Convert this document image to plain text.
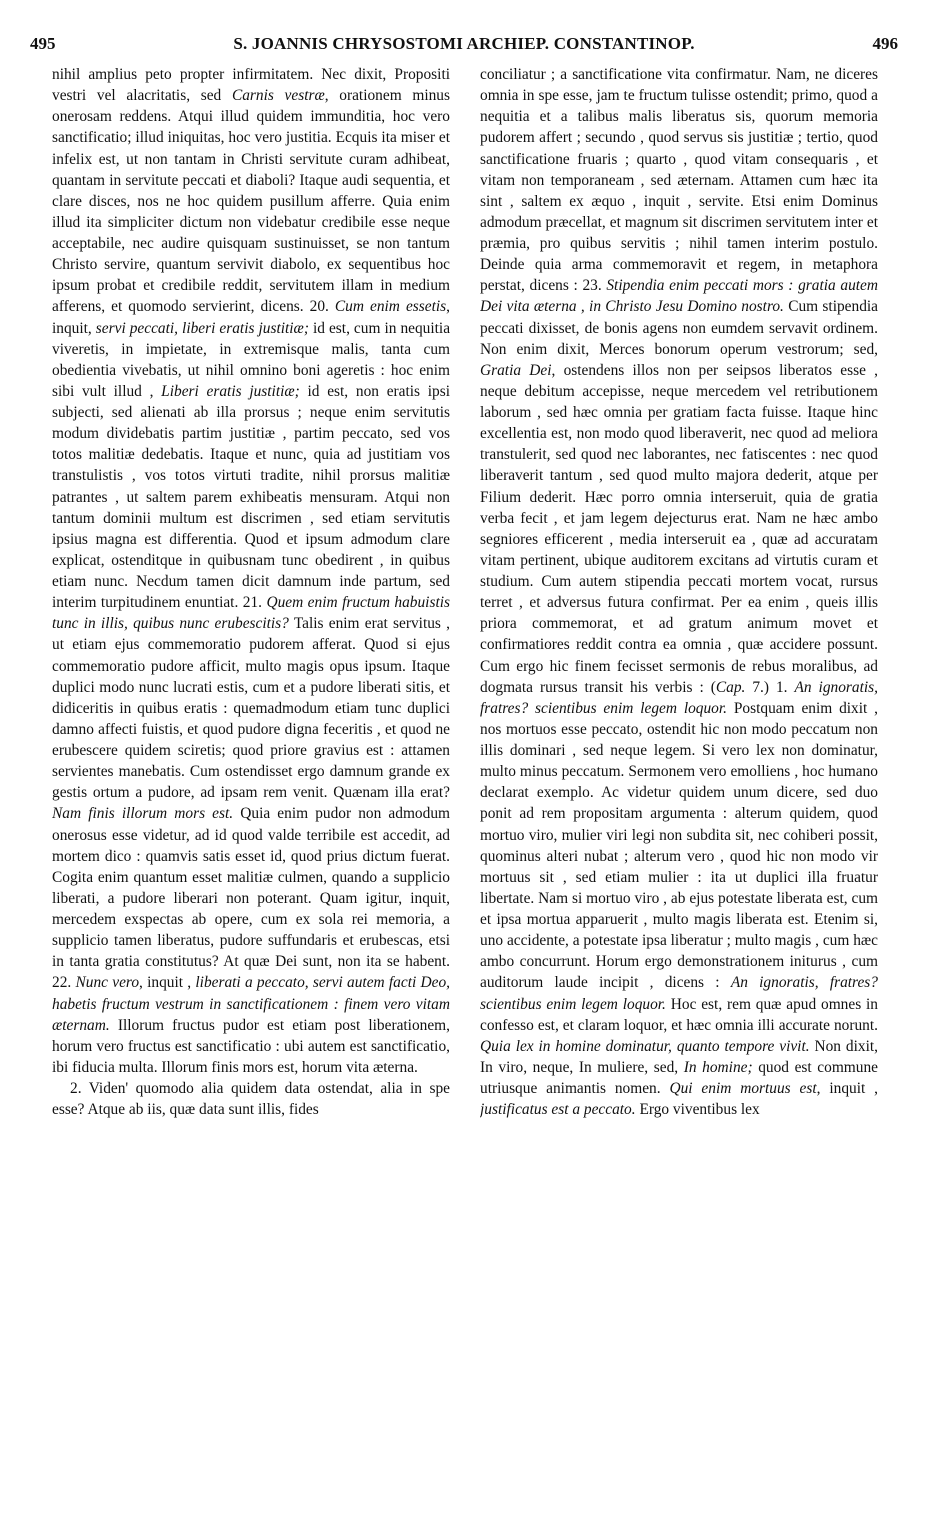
495	S. JOANNIS CHRYSOSTOMI ARCHIEP. CONSTANTINOP.	496

nihil amplius peto propter infirmitatem. Nec dixit, Propositi vestri vel alacritatis, sed Carnis vestræ, orationem minus onerosam reddens. Atqui illud quidem immunditia, hoc vero sanctificatio; illud iniquitas, hoc vero justitia. Ecquis ita miser et infelix est, ut non tantam in Christi servitute curam adhibeat, quantam in servitute peccati et diaboli? Itaque audi sequentia, et clare disces, nos ne hoc quidem pusillum afferre. Quia enim illud ita simpliciter dictum non videbatur credibile esse neque acceptabile, nec audire quisquam sustinuisset, se non tantum Christo servire, quantum servivit diabolo, ex sequentibus hoc ipsum probat et credibile reddit, servitutem illam in medium afferens, et quomodo servierint, dicens. 20. Cum enim essetis, inquit, servi peccati, liberi eratis justitiæ; id est, cum in nequitia viveretis, in impietate, in extremisque malis, tanta cum obedientia vivebatis, ut nihil omnino boni ageretis : hoc enim sibi vult illud , Liberi eratis justitiæ; id est, non eratis ipsi subjecti, sed alienati ab illa prorsus ; neque enim servitutis modum dividebatis partim justitiæ , partim peccato, sed vos totos malitiæ dedebatis. Itaque et nunc, quia ad justitiam vos transtulistis , vos totos virtuti tradite, nihil prorsus malitiæ patrantes , ut saltem parem exhibeatis mensuram. Atqui non tantum dominii multum est discrimen , sed etiam servitutis ipsius magna est differentia. Quod et ipsum admodum clare explicat, ostenditque in quibusnam tunc obedirent , in quibus etiam nunc. Necdum tamen dicit damnum inde partum, sed interim turpitudinem enuntiat. 21. Quem enim fructum habuistis tunc in illis, quibus nunc erubescitis? Talis enim erat servitus , ut etiam ejus commemoratio pudorem afferat. Quod si ejus commemoratio pudore afficit, multo magis opus ipsum. Itaque duplici modo nunc lucrati estis, cum et a pudore liberati sitis, et didiceritis in quibus eratis : quemadmodum etiam tunc duplici damno affecti fuistis, et quod pudore digna feceritis , et quod ne erubescere quidem sciretis; quod priore gravius est : attamen servientes manebatis. Cum ostendisset ergo damnum grande ex gestis ortum a pudore, ad ipsam rem venit. Quænam illa erat? Nam finis illorum mors est. Quia enim pudor non admodum onerosus esse videtur, ad id quod valde terribile est accedit, ad mortem dico : quamvis satis esset id, quod prius dictum fuerat. Cogita enim quantum esset malitiæ culmen, quando a supplicio liberati, a pudore liberari non poterant. Quam igitur, inquit, mercedem exspectas ab opere, cum ex sola rei memoria, a supplicio tamen liberatus, pudore suffundaris et erubescas, etsi in tanta gratia constitutus? At quæ Dei sunt, non ita se habent. 22. Nunc vero, inquit , liberati a peccato, servi autem facti Deo, habetis fructum vestrum in sanctificationem : finem vero vitam æternam. Illorum fructus pudor est etiam post liberationem, horum vero fructus est sanctificatio : ubi autem est sanctificatio, ibi fiducia multa. Illorum finis mors est, horum vita æterna.

2. Viden' quomodo alia quidem data ostendat, alia in spe esse? Atque ab iis, quæ data sunt illis, fides

conciliatur ; a sanctificatione vita confirmatur. Nam, ne diceres omnia in spe esse, jam te fructum tulisse ostendit; primo, quod a nequitia et a talibus malis liberatus sis, quorum memoria pudorem affert ; secundo , quod servus sis justitiæ ; tertio, quod sanctificatione fruaris ; quarto , quod vitam consequaris , et vitam non temporaneam , sed æternam. Attamen cum hæc ita sint , saltem ex æquo , inquit , servite. Etsi enim Dominus admodum præcellat, et magnum sit discrimen servitutem inter et præmia, pro quibus servitis ; nihil tamen interim postulo. Deinde quia arma commemoravit et regem, in metaphora perstat, dicens : 23. Stipendia enim peccati mors : gratia autem Dei vita æterna , in Christo Jesu Domino nostro. Cum stipendia peccati dixisset, de bonis agens non eumdem servavit ordinem. Non enim dixit, Merces bonorum operum vestrorum; sed, Gratia Dei, ostendens illos non per seipsos liberatos esse , neque debitum accepisse, neque mercedem vel retributionem laborum , sed hæc omnia per gratiam facta fuisse. Itaque hinc excellentia est, non modo quod liberaverit, nec quod ad meliora transtulerit, sed quod nec laborantes, nec fatiscentes : nec quod liberaverit tantum , sed quod multo majora dederit, atque per Filium dederit. Hæc porro omnia interseruit, quia de gratia verba fecit , et jam legem dejecturus erat. Nam ne hæc ambo segniores efficerent , media interseruit ea , quæ ad accuratam vitam pertinent, ubique auditorem excitans ad virtutis curam et studium. Cum autem stipendia peccati mortem vocat, rursus terret , et adversus futura confirmat. Per ea enim , queis illis priora commemorat, et ad gratum animum movet et confirmatiores reddit contra ea omnia , quæ accidere possunt. Cum ergo hic finem fecisset sermonis de rebus moralibus, ad dogmata rursus transit his verbis : (Cap. 7.) 1. An ignoratis, fratres? scientibus enim legem loquor. Postquam enim dixit , nos mortuos esse peccato, ostendit hic non modo peccatum non illis dominari , sed neque legem. Si vero lex non dominatur, multo minus peccatum. Sermonem vero emolliens , hoc humano declarat exemplo. Ac videtur quidem unum dicere, sed duo ponit ad rem propositam argumenta : alterum quidem, quod mortuo viro, mulier viri legi non subdita sit, nec cohiberi possit, quominus alteri nubat ; alterum vero , quod hic non modo vir mortuus sit , sed etiam mulier : ita ut duplici illa fruatur libertate. Nam si mortuo viro , ab ejus potestate liberata est, cum et ipsa mortua apparuerit , multo magis liberata est. Etenim si, uno accidente, a potestate ipsa liberatur ; multo magis , cum hæc ambo concurrunt. Horum ergo demonstrationem initurus , cum auditorum laude incipit , dicens : An ignoratis, fratres? scientibus enim legem loquor. Hoc est, rem quæ apud omnes in confesso est, et claram loquor, et hæc omnia illi accurate norunt. Quia lex in homine dominatur, quanto tempore vivit. Non dixit, In viro, neque, In muliere, sed, In homine; quod est commune utriusque animantis nomen. Qui enim mortuus est, inquit , justificatus est a peccato. Ergo viventibus lex
